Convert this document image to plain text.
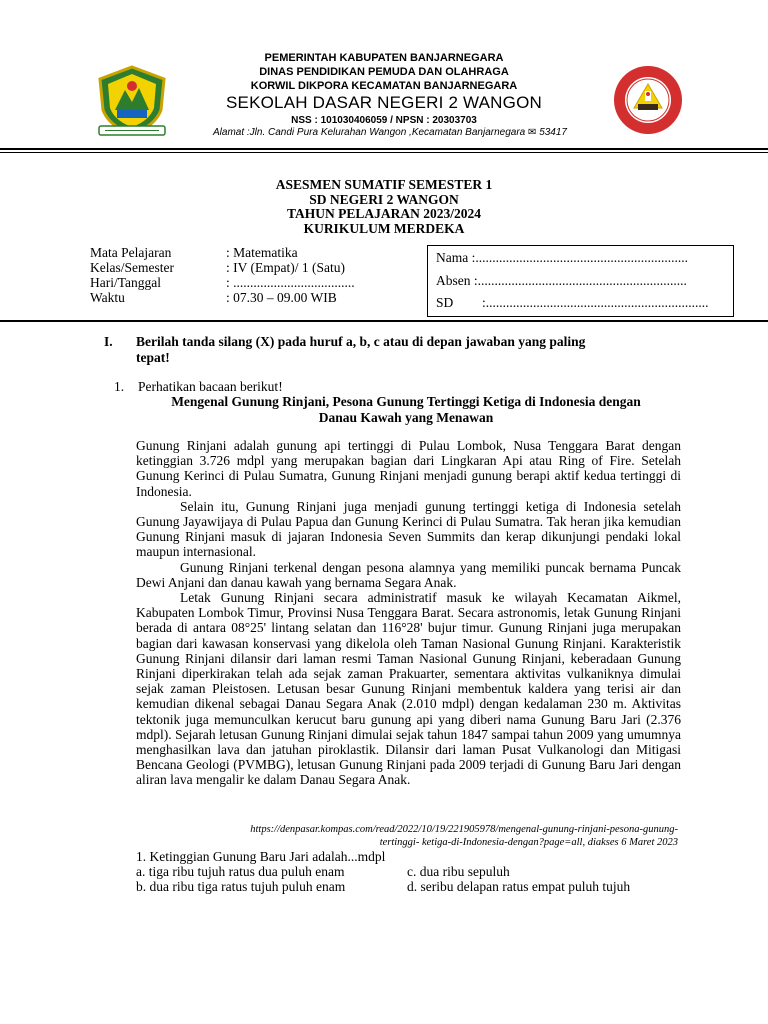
PEMERINTAH KABUPATEN BANJARNEGARA
DINAS PENDIDIKAN PEMUDA DAN OLAHRAGA
KORWIL DIKPORA KECAMATAN BANJARNEGARA
SEKOLAH DASAR NEGERI 2 WANGON
NSS : 101030406059 / NPSN : 20303703
Alamat :Jln. Candi Pura Kelurahan Wangon ,Kecamatan Banjarnegara ✉ 53417
ASESMEN SUMATIF SEMESTER 1
SD NEGERI 2 WANGON
TAHUN PELAJARAN 2023/2024
KURIKULUM MERDEKA
Mata Pelajaran	: Matematika
Kelas/Semester	: IV (Empat)/ 1 (Satu)
Hari/Tanggal	: ....................................
Waktu	: 07.30 – 09.00 WIB
Nama :...............................................................
Absen :..............................................................
SD :..................................................................
I. Berilah tanda silang (X) pada huruf a, b, c atau di depan jawaban yang paling
tepat!
1. Perhatikan bacaan berikut!
Mengenal Gunung Rinjani, Pesona Gunung Tertinggi Ketiga di Indonesia dengan
Danau Kawah yang Menawan

Gunung Rinjani adalah gunung api tertinggi di Pulau Lombok, Nusa Tenggara Barat dengan ketinggian 3.726 mdpl yang merupakan bagian dari Lingkaran Api atau Ring of Fire. Setelah Gunung Kerinci di Pulau Sumatra, Gunung Rinjani menjadi gunung berapi aktif kedua tertinggi di Indonesia.

Selain itu, Gunung Rinjani juga menjadi gunung tertinggi ketiga di Indonesia setelah Gunung Jayawijaya di Pulau Papua dan Gunung Kerinci di Pulau Sumatra. Tak heran jika kemudian Gunung Rinjani masuk di jajaran Indonesia Seven Summits dan kerap dikunjungi pendaki lokal maupun internasional.

Gunung Rinjani terkenal dengan pesona alamnya yang memiliki puncak bernama Puncak Dewi Anjani dan danau kawah yang bernama Segara Anak.

Letak Gunung Rinjani secara administratif masuk ke wilayah Kecamatan Aikmel, Kabupaten Lombok Timur, Provinsi Nusa Tenggara Barat. Secara astronomis, letak Gunung Rinjani berada di antara 08°25' lintang selatan dan 116°28' bujur timur. Gunung Rinjani juga merupakan bagian dari kawasan konservasi yang dikelola oleh Taman Nasional Gunung Rinjani. Karakteristik Gunung Rinjani dilansir dari laman resmi Taman Nasional Gunung Rinjani, keberadaan Gunung Rinjani diperkirakan telah ada sejak zaman Prakuarter, sementara aktivitas vulkaniknya dimulai sejak zaman Pleistosen. Letusan besar Gunung Rinjani membentuk kaldera yang terisi air dan kemudian dikenal sebagai Danau Segara Anak (2.010 mdpl) dengan kedalaman 230 m. Aktivitas tektonik juga memunculkan kerucut baru gunung api yang diberi nama Gunung Baru Jari (2.376 mdpl). Sejarah letusan Gunung Rinjani dimulai sejak tahun 1847 sampai tahun 2009 yang umumnya menghasilkan lava dan jatuhan piroklastik. Dilansir dari laman Pusat Vulkanologi dan Mitigasi Bencana Geologi (PVMBG), letusan Gunung Rinjani pada 2009 terjadi di Gunung Baru Jari dengan aliran lava mengalir ke dalam Danau Segara Anak.

https://denpasar.kompas.com/read/2022/10/19/221905978/mengenal-gunung-rinjani-pesona-gunung-
tertinggi- ketiga-di-Indonesia-dengan?page=all, diakses 6 Maret 2023
1. Ketinggian Gunung Baru Jari adalah...mdpl
a. tiga ribu tujuh ratus dua puluh enam	c. dua ribu sepuluh
b. dua ribu tiga ratus tujuh puluh enam	d. seribu delapan ratus empat puluh tujuh
